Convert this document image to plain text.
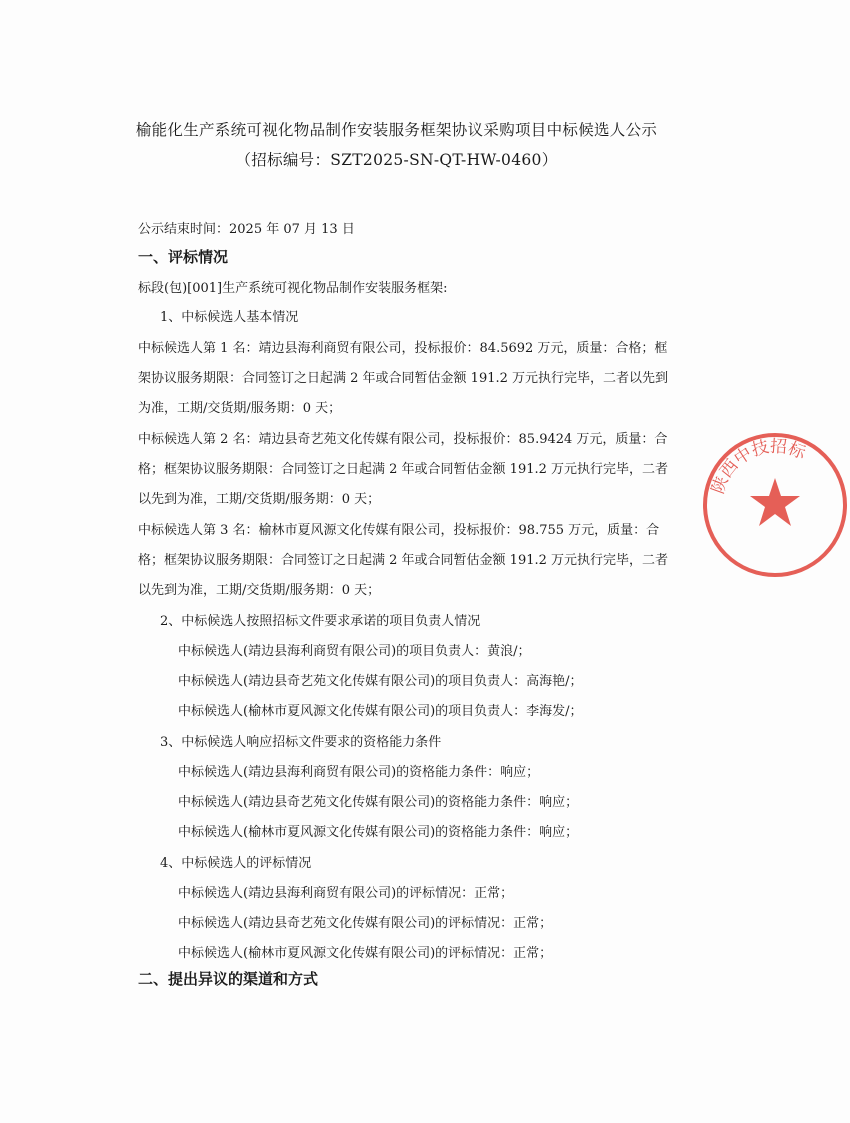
榆能化生产系统可视化物品制作安装服务框架协议采购项目中标候选人公示
（招标编号：SZT2025-SN-QT-HW-0460）
公示结束时间：2025 年 07 月 13 日
一、评标情况
标段(包)[001]生产系统可视化物品制作安装服务框架:
1、中标候选人基本情况
中标候选人第 1 名：靖边县海利商贸有限公司，投标报价：84.5692 万元，质量：合格；框
架协议服务期限：合同签订之日起满 2 年或合同暂估金额 191.2 万元执行完毕，二者以先到
为准，工期/交货期/服务期：0 天；
中标候选人第 2 名：靖边县奇艺苑文化传媒有限公司，投标报价：85.9424 万元，质量：合
格；框架协议服务期限：合同签订之日起满 2 年或合同暂估金额 191.2 万元执行完毕，二者
以先到为准，工期/交货期/服务期：0 天；
中标候选人第 3 名：榆林市夏风源文化传媒有限公司，投标报价：98.755 万元，质量：合
格；框架协议服务期限：合同签订之日起满 2 年或合同暂估金额 191.2 万元执行完毕，二者
以先到为准，工期/交货期/服务期：0 天；
2、中标候选人按照招标文件要求承诺的项目负责人情况
中标候选人(靖边县海利商贸有限公司)的项目负责人：黄浪/；
中标候选人(靖边县奇艺苑文化传媒有限公司)的项目负责人：高海艳/；
中标候选人(榆林市夏风源文化传媒有限公司)的项目负责人：李海发/；
3、中标候选人响应招标文件要求的资格能力条件
中标候选人(靖边县海利商贸有限公司)的资格能力条件：响应；
中标候选人(靖边县奇艺苑文化传媒有限公司)的资格能力条件：响应；
中标候选人(榆林市夏风源文化传媒有限公司)的资格能力条件：响应；
4、中标候选人的评标情况
中标候选人(靖边县海利商贸有限公司)的评标情况：正常；
中标候选人(靖边县奇艺苑文化传媒有限公司)的评标情况：正常；
中标候选人(榆林市夏风源文化传媒有限公司)的评标情况：正常；
二、提出异议的渠道和方式
陕西中技招标
